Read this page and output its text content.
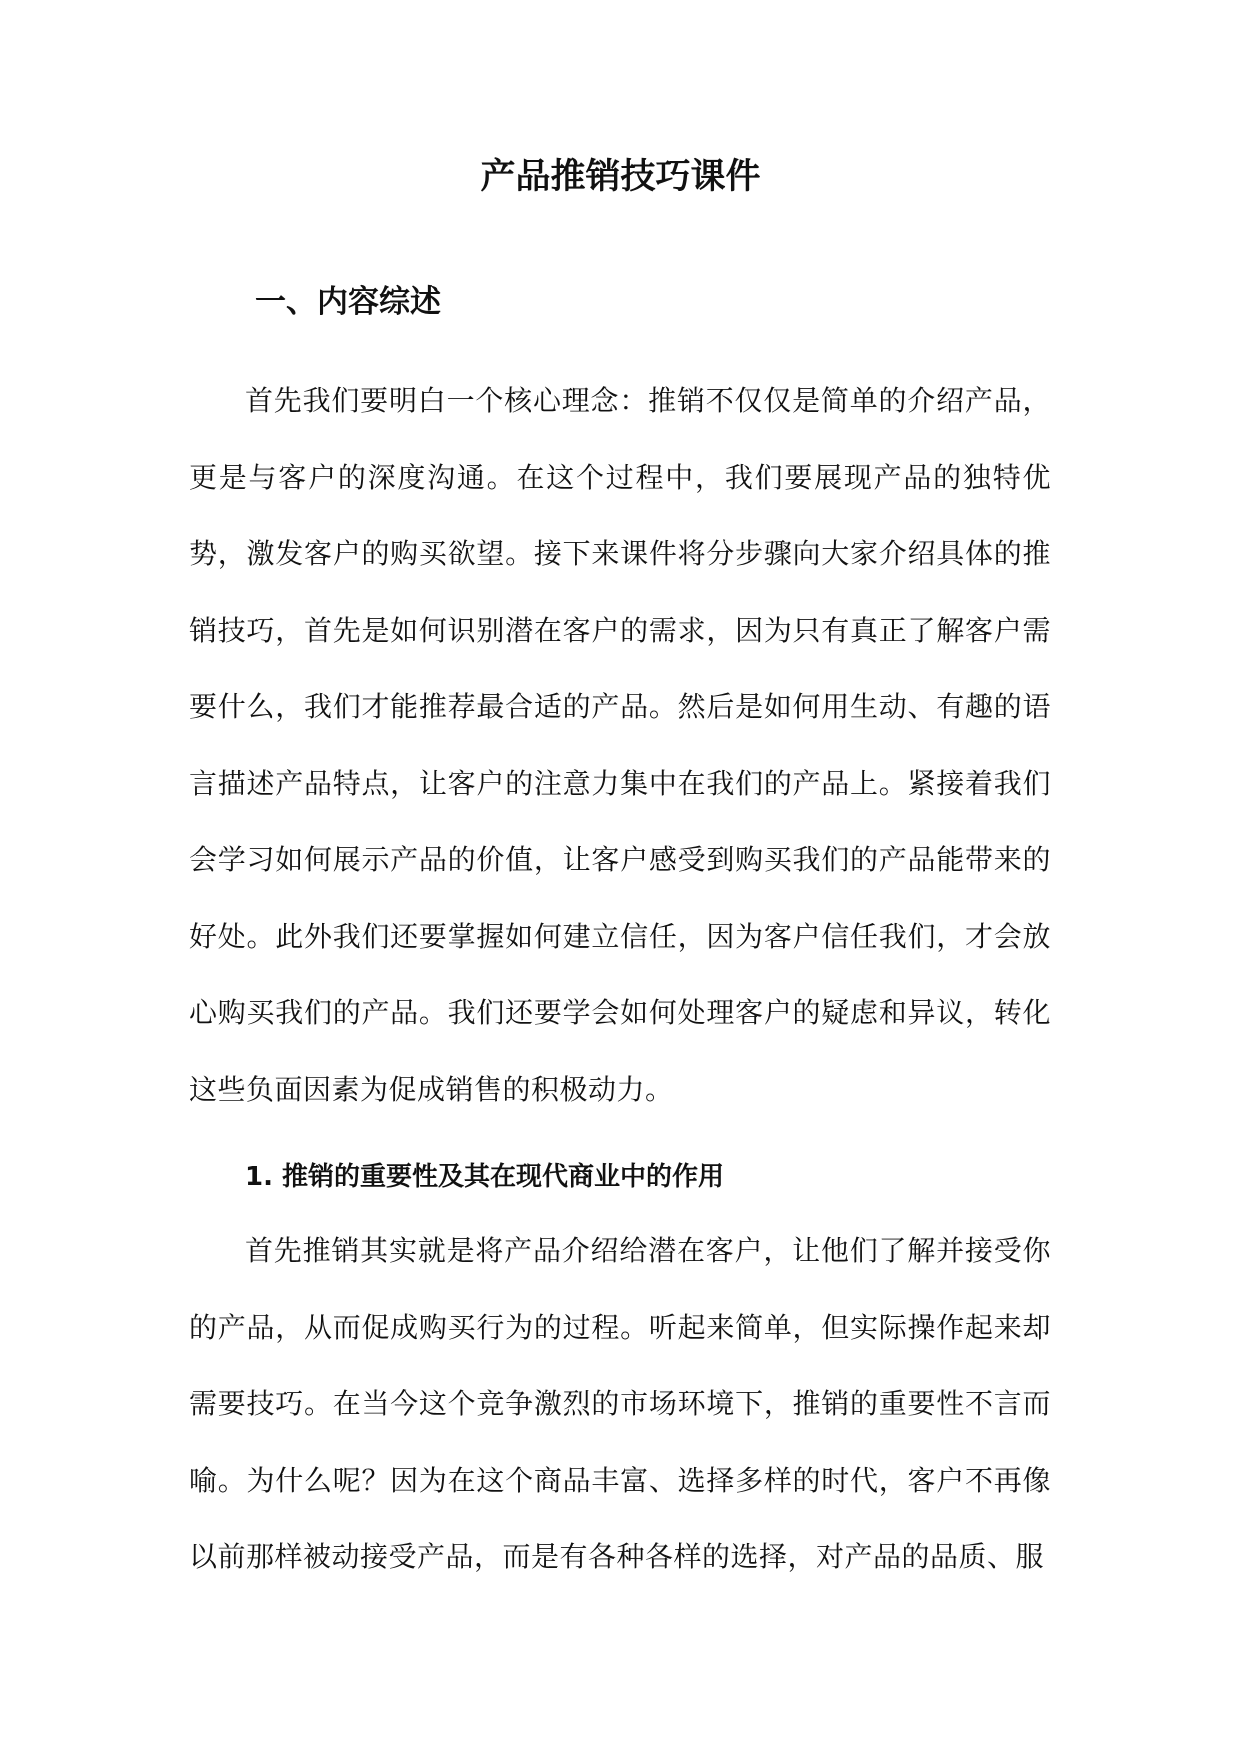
产品推销技巧课件
一、内容综述

首先我们要明白一个核心理念：推销不仅仅是简单的介绍产品，更是与客户的深度沟通。在这个过程中，我们要展现产品的独特优势，激发客户的购买欲望。接下来课件将分步骤向大家介绍具体的推销技巧，首先是如何识别潜在客户的需求，因为只有真正了解客户需要什么，我们才能推荐最合适的产品。然后是如何用生动、有趣的语言描述产品特点，让客户的注意力集中在我们的产品上。紧接着我们会学习如何展示产品的价值，让客户感受到购买我们的产品能带来的好处。此外我们还要掌握如何建立信任，因为客户信任我们，才会放心购买我们的产品。我们还要学会如何处理客户的疑虑和异议，转化这些负面因素为促成销售的积极动力。

1. 推销的重要性及其在现代商业中的作用

首先推销其实就是将产品介绍给潜在客户，让他们了解并接受你的产品，从而促成购买行为的过程。听起来简单，但实际操作起来却需要技巧。在当今这个竞争激烈的市场环境下，推销的重要性不言而喻。为什么呢？因为在这个商品丰富、选择多样的时代，客户不再像以前那样被动接受产品，而是有各种各样的选择，对产品的品质、服
